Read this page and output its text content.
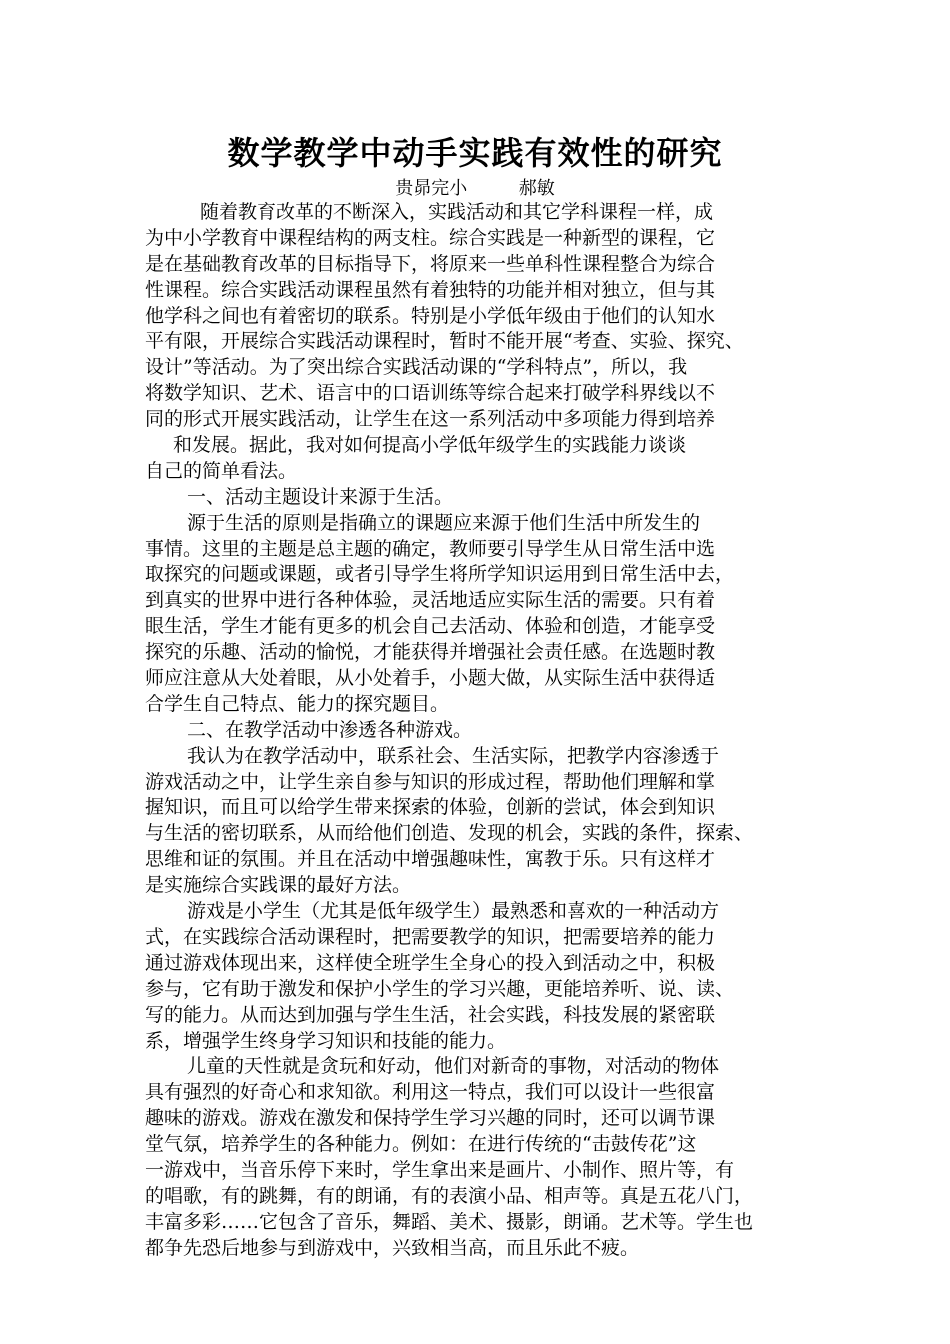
数学教学中动手实践有效性的研究
贵昴完小         郝敏
随着教育改革的不断深入，实践活动和其它学科课程一样，成
为中小学教育中课程结构的两支柱。综合实践是一种新型的课程，它
是在基础教育改革的目标指导下，将原来一些单科性课程整合为综合
性课程。综合实践活动课程虽然有着独特的功能并相对独立，但与其
他学科之间也有着密切的联系。特别是小学低年级由于他们的认知水
平有限，开展综合实践活动课程时，暂时不能开展“考查、实验、探究、
设计”等活动。为了突出综合实践活动课的“学科特点”，所以，我
将数学知识、艺术、语言中的口语训练等综合起来打破学科界线以不
同的形式开展实践活动，让学生在这一系列活动中多项能力得到培养
和发展。据此，我对如何提高小学低年级学生的实践能力谈谈
自己的简单看法。
一、活动主题设计来源于生活。
源于生活的原则是指确立的课题应来源于他们生活中所发生的
事情。这里的主题是总主题的确定，教师要引导学生从日常生活中选
取探究的问题或课题，或者引导学生将所学知识运用到日常生活中去，
到真实的世界中进行各种体验，灵活地适应实际生活的需要。只有着
眼生活，学生才能有更多的机会自己去活动、体验和创造，才能享受
探究的乐趣、活动的愉悦，才能获得并增强社会责任感。在选题时教
师应注意从大处着眼，从小处着手，小题大做，从实际生活中获得适
合学生自己特点、能力的探究题目。
二、在教学活动中渗透各种游戏。
我认为在教学活动中，联系社会、生活实际，把教学内容渗透于
游戏活动之中，让学生亲自参与知识的形成过程，帮助他们理解和掌
握知识，而且可以给学生带来探索的体验，创新的尝试，体会到知识
与生活的密切联系，从而给他们创造、发现的机会，实践的条件，探索、
思维和证的氛围。并且在活动中增强趣味性，寓教于乐。只有这样才
是实施综合实践课的最好方法。
游戏是小学生（尤其是低年级学生）最熟悉和喜欢的一种活动方
式，在实践综合活动课程时，把需要教学的知识，把需要培养的能力
通过游戏体现出来，这样使全班学生全身心的投入到活动之中，积极
参与，它有助于激发和保护小学生的学习兴趣，更能培养听、说、读、
写的能力。从而达到加强与学生生活，社会实践，科技发展的紧密联
系，增强学生终身学习知识和技能的能力。
儿童的天性就是贪玩和好动，他们对新奇的事物，对活动的物体
具有强烈的好奇心和求知欲。利用这一特点，我们可以设计一些很富
趣味的游戏。游戏在激发和保持学生学习兴趣的同时，还可以调节课
堂气氛，培养学生的各种能力。例如：在进行传统的“击鼓传花”这
一游戏中，当音乐停下来时，学生拿出来是画片、小制作、照片等，有
的唱歌，有的跳舞，有的朗诵，有的表演小品、相声等。真是五花八门，
丰富多彩……它包含了音乐，舞蹈、美术、摄影，朗诵。艺术等。学生也
都争先恐后地参与到游戏中，兴致相当高，而且乐此不疲。
